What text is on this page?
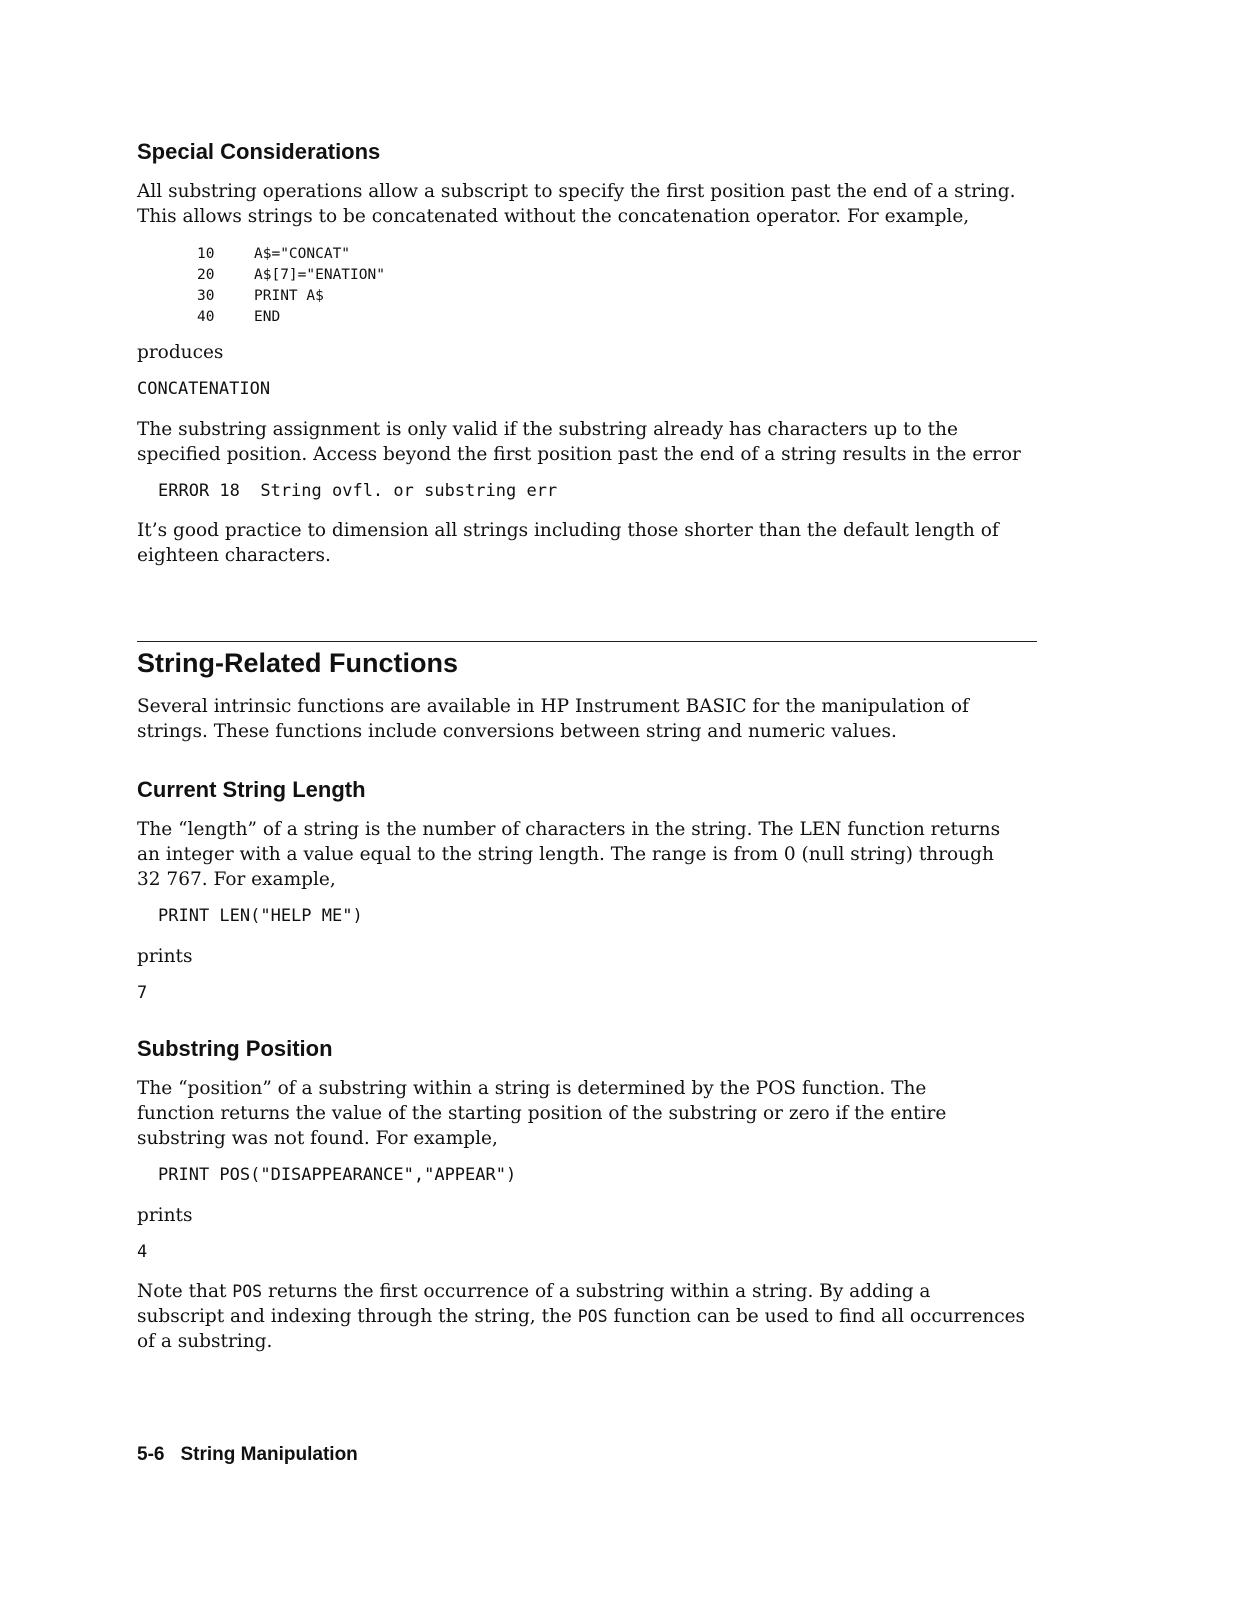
Special Considerations
All substring operations allow a subscript to specify the first position past the end of a string.
This allows strings to be concatenated without the concatenation operator. For example,
10	A$="CONCAT"
20	A$[7]="ENATION"
30	PRINT A$
40	END
produces
CONCATENATION
The substring assignment is only valid if the substring already has characters up to the
specified position. Access beyond the first position past the end of a string results in the error
ERROR 18  String ovfl. or substring err
It’s good practice to dimension all strings including those shorter than the default length of
eighteen characters.
String-Related Functions
Several intrinsic functions are available in HP Instrument BASIC for the manipulation of
strings. These functions include conversions between string and numeric values.
Current String Length
The “length” of a string is the number of characters in the string. The LEN function returns
an integer with a value equal to the string length. The range is from 0 (null string) through
32 767. For example,
PRINT LEN("HELP ME")
prints
7
Substring Position
The “position” of a substring within a string is determined by the POS function. The
function returns the value of the starting position of the substring or zero if the entire
substring was not found. For example,
PRINT POS("DISAPPEARANCE","APPEAR")
prints
4
Note that POS returns the first occurrence of a substring within a string. By adding a
subscript and indexing through the string, the POS function can be used to find all occurrences
of a substring.
5-6 String Manipulation
